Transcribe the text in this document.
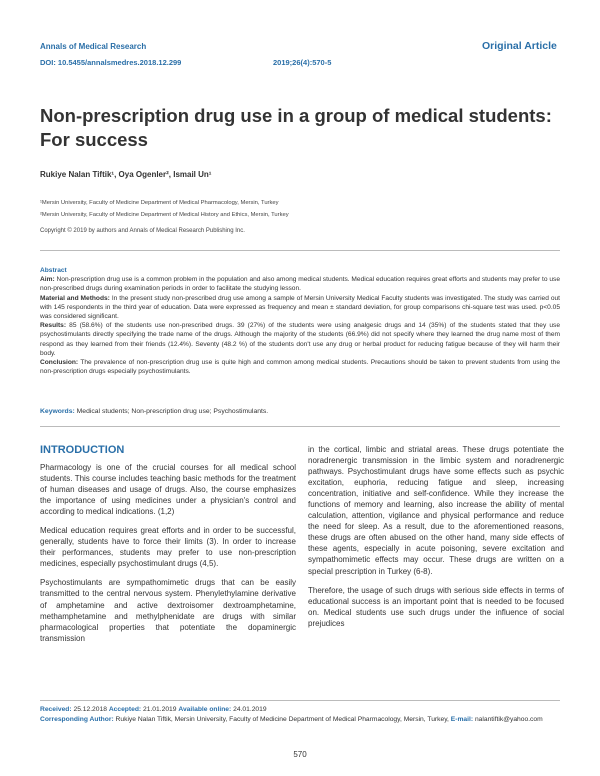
Annals of Medical Research
DOI: 10.5455/annalsmedres.2018.12.299	2019;26(4):570-5
Original Article
Non-prescription drug use in a group of medical students: For success
Rukiye Nalan Tiftik¹, Oya Ogenler², Ismail Un¹
¹Mersin University, Faculty of Medicine Department of Medical Pharmacology, Mersin, Turkey
²Mersin University, Faculty of Medicine Department of Medical History and Ethics, Mersin, Turkey
Copyright © 2019 by authors and Annals of Medical Research Publishing Inc.
Abstract
Aim: Non-prescription drug use is a common problem in the population and also among medical students. Medical education requires great efforts and students may prefer to use non-prescribed drugs during examination periods in order to facilitate the studying lesson.
Material and Methods: In the present study non-prescribed drug use among a sample of Mersin University Medical Faculty students was investigated. The study was carried out with 145 respondents in the third year of education. Data were expressed as frequency and mean ± standard deviation, for group comparisons chi-square test was used. p<0.05 was considered significant.
Results: 85 (58.6%) of the students use non-prescribed drugs. 39 (27%) of the students were using analgesic drugs and 14 (35%) of the students stated that they use psychostimulants directly specifying the trade name of the drugs. Although the majority of the students (66.9%) did not specify where they learned the drug name most of them respond as they learned from their friends (12.4%). Seventy (48.2 %) of the students don't use any drug or herbal product for reducing fatigue because of they will harm their body.
Conclusion: The prevalence of non-prescription drug use is quite high and common among medical students. Precautions should be taken to prevent students from using the non-prescription drugs especially psychostimulants.
Keywords: Medical students; Non-prescription drug use; Psychostimulants.
INTRODUCTION

Pharmacology is one of the crucial courses for all medical school students. This course includes teaching basic methods for the treatment of human diseases and usage of drugs. Also, the course emphasizes the importance of using medicines under a physician's control and according to medical indications. (1,2)

Medical education requires great efforts and in order to be successful, generally, students have to force their limits (3). In order to increase their performances, students may prefer to use non-prescription medicines, especially psychostimulant drugs (4,5).

Psychostimulants are sympathomimetic drugs that can be easily transmitted to the central nervous system. Phenylethylamine derivative of amphetamine and active dextroisomer dextroamphetamine, methamphetamine and methylphenidate are drugs with similar pharmacological properties that potentiate the dopaminergic transmission

in the cortical, limbic and striatal areas. These drugs potentiate the noradrenergic transmission in the limbic system and noradrenergic pathways. Psychostimulant drugs have some effects such as psychic excitation, euphoria, reducing fatigue and sleep, increasing concentration, initiative and self-confidence. While they increase the functions of memory and learning, also increase the ability of mental calculation, attention, vigilance and physical performance and reduce the need for sleep. As a result, due to the aforementioned reasons, these drugs are often abused on the other hand, many side effects of these agents, especially in acute poisoning, severe excitation and sympathomimetic effects may occur. These drugs are written on a special prescription in Turkey (6-8).

Therefore, the usage of such drugs with serious side effects in terms of educational success is an important point that is needed to be focused on. Medical students use such drugs under the influence of social prejudices

Received: 25.12.2018 Accepted: 21.01.2019 Available online: 24.01.2019
Corresponding Author: Rukiye Nalan Tiftik, Mersin University, Faculty of Medicine Department of Medical Pharmacology, Mersin, Turkey, E-mail: nalantiftik@yahoo.com
570
